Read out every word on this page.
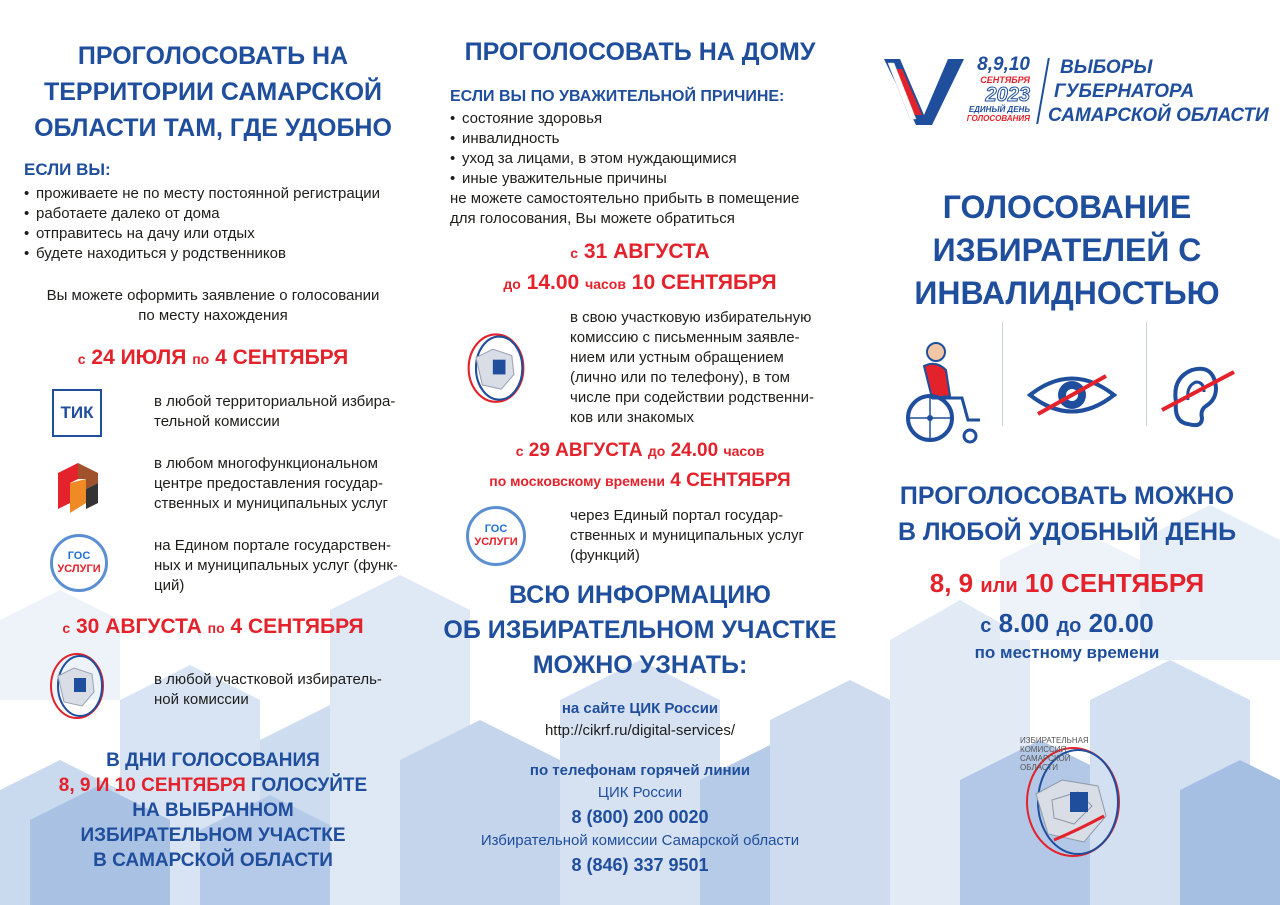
ПРОГОЛОСОВАТЬ НА
ТЕРРИТОРИИ САМАРСКОЙ
ОБЛАСТИ ТАМ, ГДЕ УДОБНО
ЕСЛИ ВЫ:
• проживаете не по месту постоянной регистрации
• работаете далеко от дома
• отправитесь на дачу или отдых
• будете находиться у родственников
Вы можете оформить заявление о голосовании
по месту нахождения
с 24 ИЮЛЯ по 4 СЕНТЯБРЯ
ТИК
в любой территориальной избира-
тельной комиссии
в любом многофункциональном
центре предоставления государ-
ственных и муниципальных услуг
ГОС
УСЛУГИ
на Едином портале государствен-
ных и муниципальных услуг (функ-
ций)
с 30 АВГУСТА по 4 СЕНТЯБРЯ
в любой участковой избиратель-
ной комиссии
В ДНИ ГОЛОСОВАНИЯ
8, 9 И 10 СЕНТЯБРЯ ГОЛОСУЙТЕ
НА ВЫБРАННОМ
ИЗБИРАТЕЛЬНОМ УЧАСТКЕ
В САМАРСКОЙ ОБЛАСТИ
ПРОГОЛОСОВАТЬ НА ДОМУ
ЕСЛИ ВЫ ПО УВАЖИТЕЛЬНОЙ ПРИЧИНЕ:
• состояние здоровья
• инвалидность
• уход за лицами, в этом нуждающимися
• иные уважительные причины
не можете самостоятельно прибыть в помещение
для голосования, Вы можете обратиться
с 31 АВГУСТА
до 14.00 часов 10 СЕНТЯБРЯ
в свою участковую избирательную
комиссию с письменным заявле-
нием или устным обращением
(лично или по телефону), в том
числе при содействии родственни-
ков или знакомых
с 29 АВГУСТА до 24.00 часов
по московскому времени 4 СЕНТЯБРЯ
ГОС
УСЛУГИ
через Единый портал государ-
ственных и муниципальных услуг
(функций)
ВСЮ ИНФОРМАЦИЮ
ОБ ИЗБИРАТЕЛЬНОМ УЧАСТКЕ
МОЖНО УЗНАТЬ:
на сайте ЦИК России
http://cikrf.ru/digital-services/
по телефонам горячей линии
ЦИК России
8 (800) 200 0020
Избирательной комиссии Самарской области
8 (846) 337 9501
8,9,10
СЕНТЯБРЯ
2023
ЕДИНЫЙ ДЕНЬ
ГОЛОСОВАНИЯ
ВЫБОРЫ
ГУБЕРНАТОРА
САМАРСКОЙ ОБЛАСТИ
ГОЛОСОВАНИЕ
ИЗБИРАТЕЛЕЙ С
ИНВАЛИДНОСТЬЮ
ПРОГОЛОСОВАТЬ МОЖНО
В ЛЮБОЙ УДОБНЫЙ ДЕНЬ
8, 9 или 10 СЕНТЯБРЯ
с 8.00 до 20.00
по местному времени
ИЗБИРАТЕЛЬНАЯ
КОМИССИЯ
САМАРСКОЙ
ОБЛАСТИ
